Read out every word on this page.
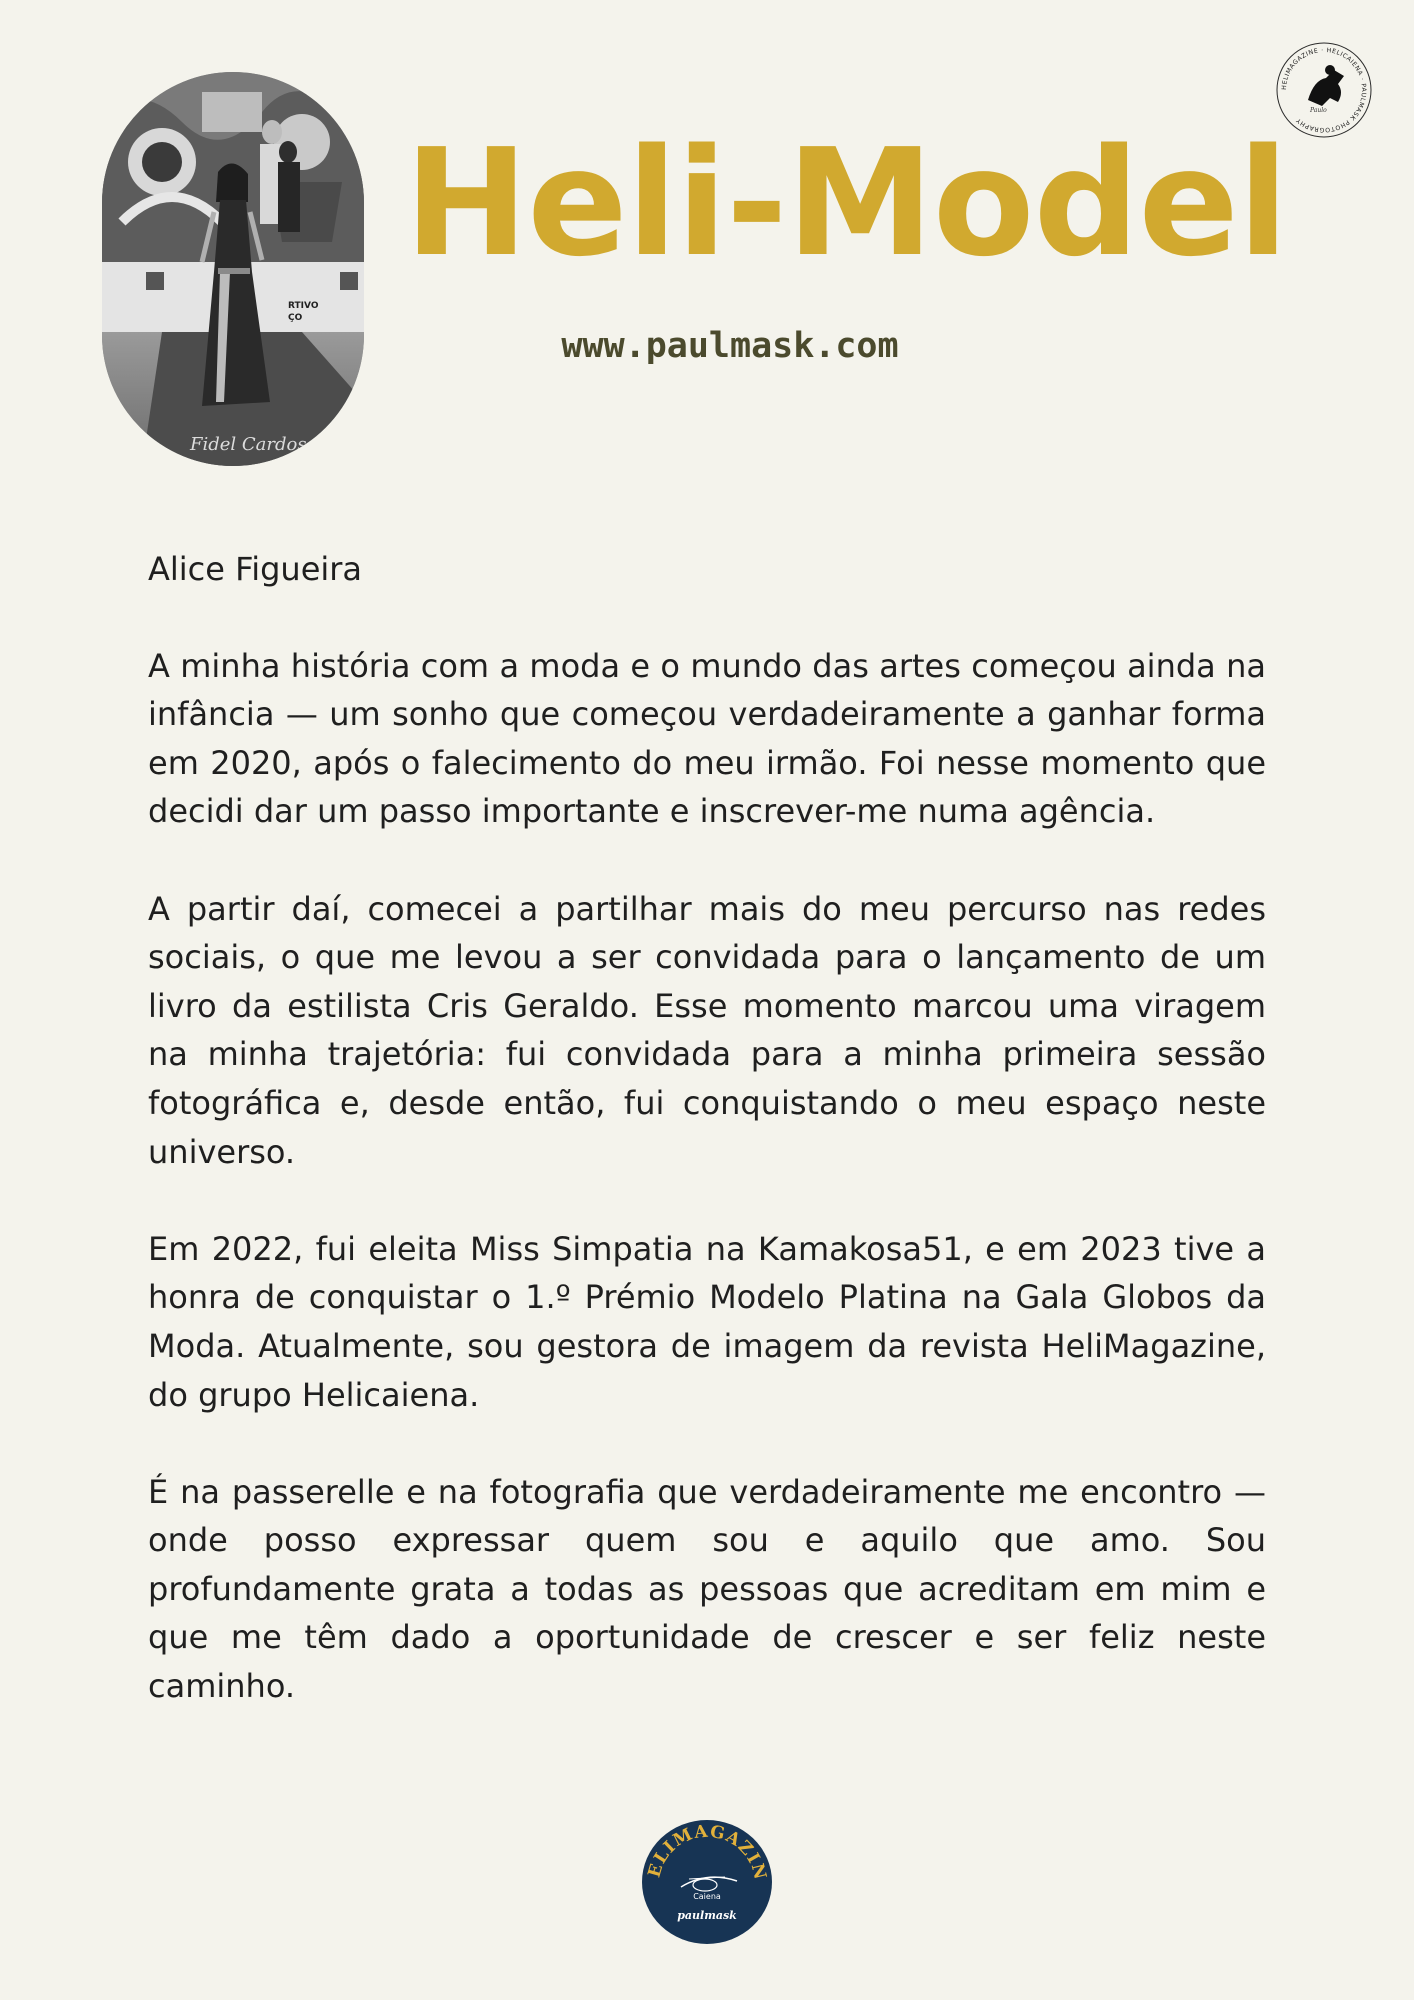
RTIVO
ÇO
Fidel Cardoso
Heli-Model
www.paulmask.com
HELIMAGAZINE · HELICAIENA · PAULMASK PHOTOGRAPHY
Paulo

Alice Figueira

A minha história com a moda e o mundo das artes começou ainda na infância — um sonho que começou verdadeiramente a ganhar forma em 2020, após o falecimento do meu irmão. Foi nesse momento que decidi dar um passo importante e inscrever-me numa agência.

A partir daí, comecei a partilhar mais do meu percurso nas redes sociais, o que me levou a ser convidada para o lançamento de um livro da estilista Cris Geraldo. Esse momento marcou uma viragem na minha trajetória: fui convidada para a minha primeira sessão fotográfica e, desde então, fui conquistando o meu espaço neste universo.

Em 2022, fui eleita Miss Simpatia na Kamakosa51, e em 2023 tive a honra de conquistar o 1.º Prémio Modelo Platina na Gala Globos da Moda. Atualmente, sou gestora de imagem da revista HeliMagazine, do grupo Helicaiena.

É na passerelle e na fotografia que verdadeiramente me encontro — onde posso expressar quem sou e aquilo que amo. Sou profundamente grata a todas as pessoas que acreditam em mim e que me têm dado a oportunidade de crescer e ser feliz neste caminho.

ELIMAGAZIN
Caiena
paulmask
